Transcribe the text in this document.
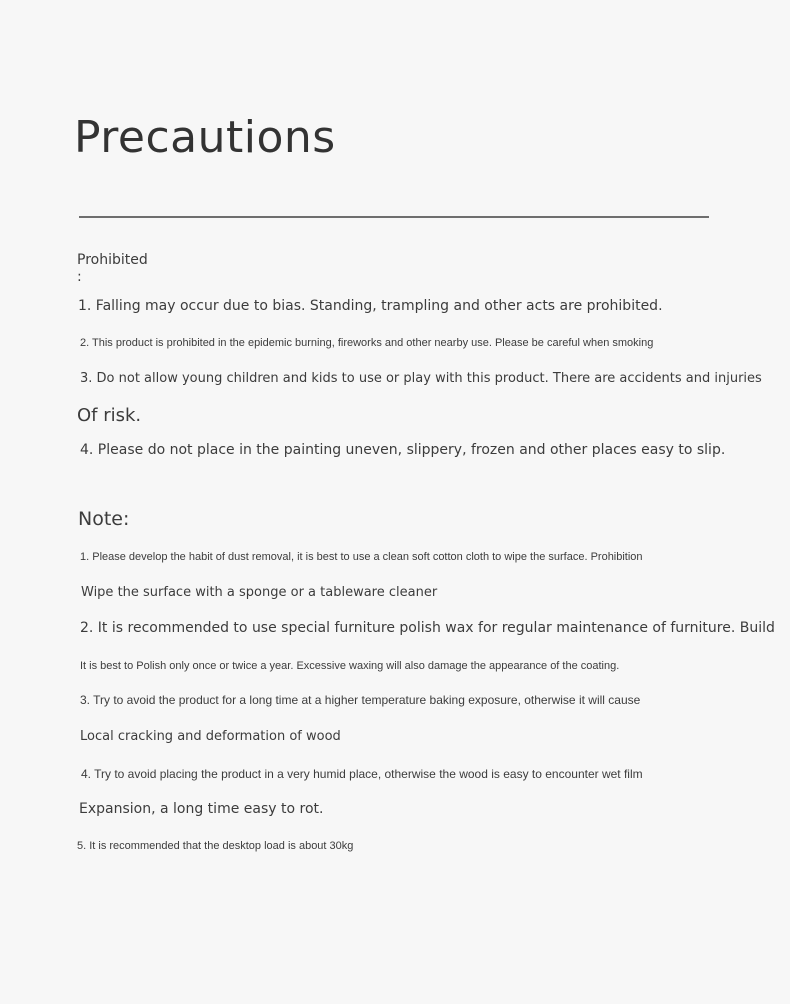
Precautions
Prohibited
:
1. Falling may occur due to bias. Standing, trampling and other acts are prohibited.
2. This product is prohibited in the epidemic burning, fireworks and other nearby use. Please be careful when smoking
3. Do not allow young children and kids to use or play with this product. There are accidents and injuries
Of risk.
4. Please do not place in the painting uneven, slippery, frozen and other places easy to slip.
Note:
1. Please develop the habit of dust removal, it is best to use a clean soft cotton cloth to wipe the surface. Prohibition
Wipe the surface with a sponge or a tableware cleaner
2. It is recommended to use special furniture polish wax for regular maintenance of furniture. Build
It is best to Polish only once or twice a year. Excessive waxing will also damage the appearance of the coating.
3. Try to avoid the product for a long time at a higher temperature baking exposure, otherwise it will cause
Local cracking and deformation of wood
4. Try to avoid placing the product in a very humid place, otherwise the wood is easy to encounter wet film
Expansion, a long time easy to rot.
5. It is recommended that the desktop load is about 30kg
